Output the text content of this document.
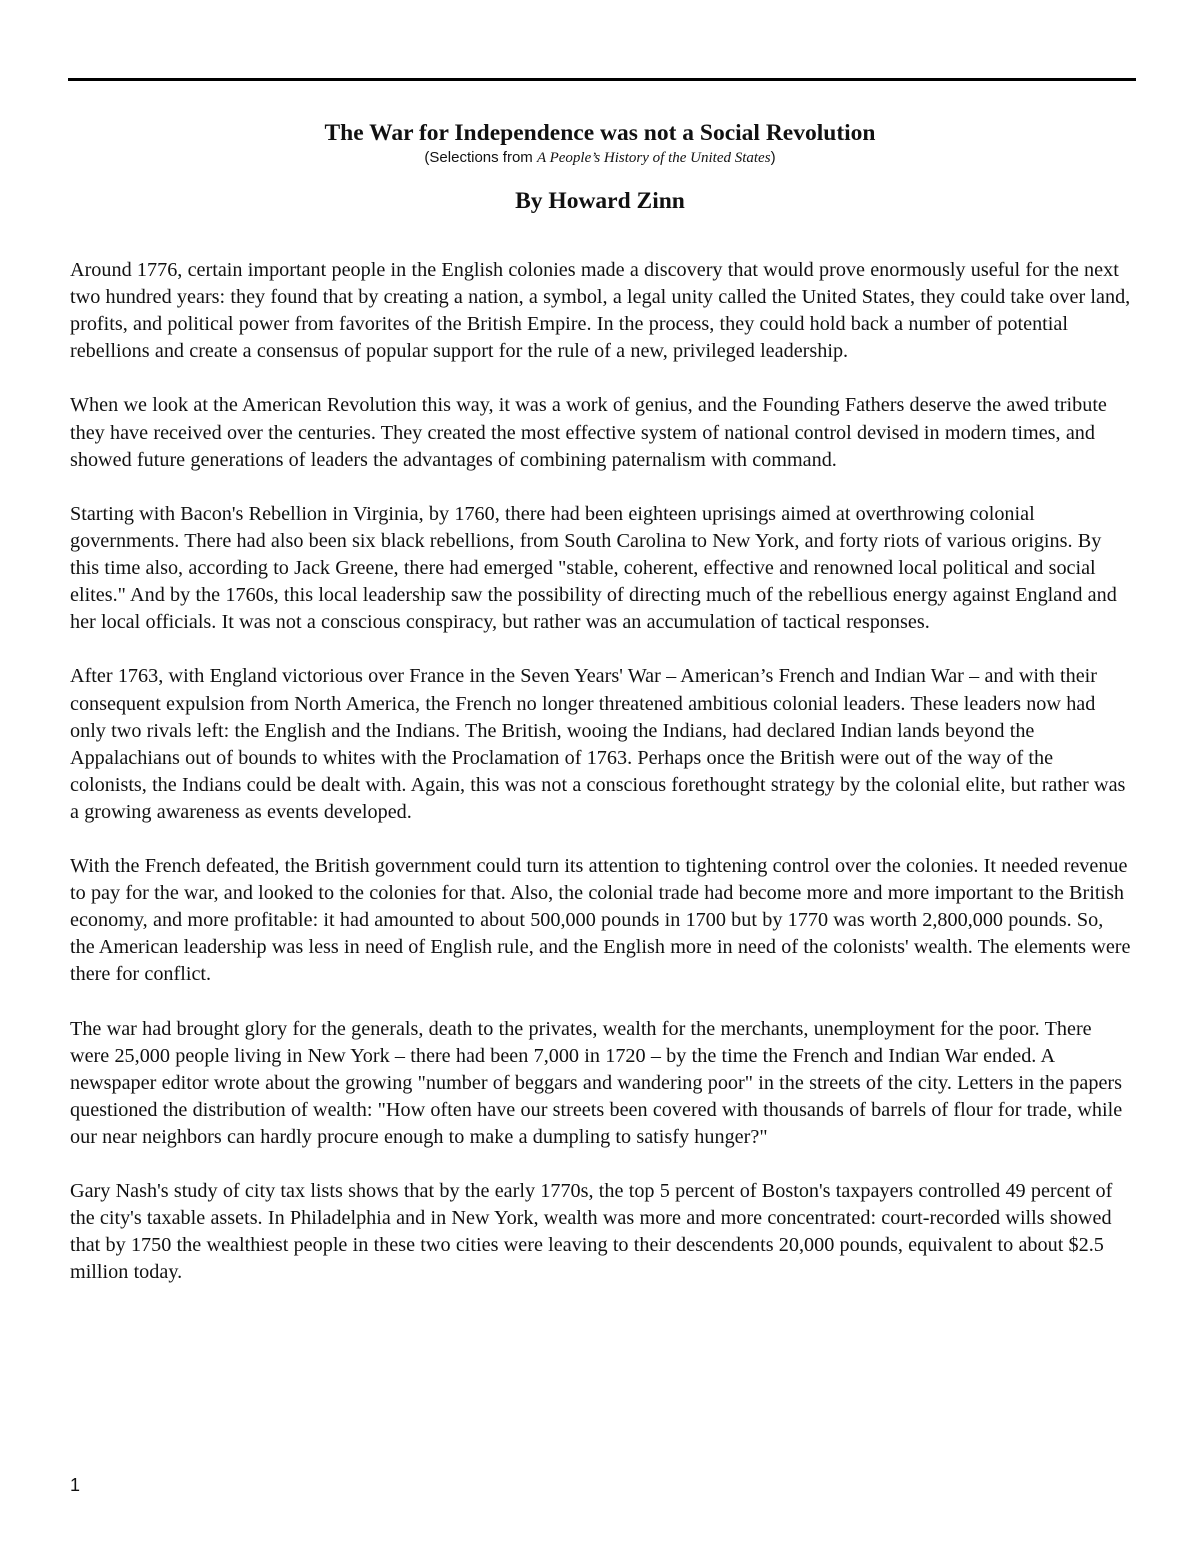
The War for Independence was not a Social Revolution

(Selections from A People’s History of the United States)

By Howard Zinn

Around 1776, certain important people in the English colonies made a discovery that would prove enormously useful for the next two hundred years: they found that by creating a nation, a symbol, a legal unity called the United States, they could take over land, profits, and political power from favorites of the British Empire. In the process, they could hold back a number of potential rebellions and create a consensus of popular support for the rule of a new, privileged leadership.

When we look at the American Revolution this way, it was a work of genius, and the Founding Fathers deserve the awed tribute they have received over the centuries. They created the most effective system of national control devised in modern times, and showed future generations of leaders the advantages of combining paternalism with command.

Starting with Bacon's Rebellion in Virginia, by 1760, there had been eighteen uprisings aimed at overthrowing colonial governments. There had also been six black rebellions, from South Carolina to New York, and forty riots of various origins. By this time also, according to Jack Greene, there had emerged "stable, coherent, effective and renowned local political and social elites." And by the 1760s, this local leadership saw the possibility of directing much of the rebellious energy against England and her local officials. It was not a conscious conspiracy, but rather was an accumulation of tactical responses.

After 1763, with England victorious over France in the Seven Years' War – American’s French and Indian War – and with their consequent expulsion from North America, the French no longer threatened ambitious colonial leaders. These leaders now had only two rivals left: the English and the Indians. The British, wooing the Indians, had declared Indian lands beyond the Appalachians out of bounds to whites with the Proclamation of 1763. Perhaps once the British were out of the way of the colonists, the Indians could be dealt with. Again, this was not a conscious forethought strategy by the colonial elite, but rather was a growing awareness as events developed.

With the French defeated, the British government could turn its attention to tightening control over the colonies. It needed revenue to pay for the war, and looked to the colonies for that. Also, the colonial trade had become more and more important to the British economy, and more profitable: it had amounted to about 500,000 pounds in 1700 but by 1770 was worth 2,800,000 pounds. So, the American leadership was less in need of English rule, and the English more in need of the colonists' wealth. The elements were there for conflict.

The war had brought glory for the generals, death to the privates, wealth for the merchants, unemployment for the poor. There were 25,000 people living in New York – there had been 7,000 in 1720 – by the time the French and Indian War ended. A newspaper editor wrote about the growing "number of beggars and wandering poor" in the streets of the city. Letters in the papers questioned the distribution of wealth: "How often have our streets been covered with thousands of barrels of flour for trade, while our near neighbors can hardly procure enough to make a dumpling to satisfy hunger?"

Gary Nash's study of city tax lists shows that by the early 1770s, the top 5 percent of Boston's taxpayers controlled 49 percent of the city's taxable assets. In Philadelphia and in New York, wealth was more and more concentrated: court-recorded wills showed that by 1750 the wealthiest people in these two cities were leaving to their descendents 20,000 pounds, equivalent to about $2.5 million today.

1
